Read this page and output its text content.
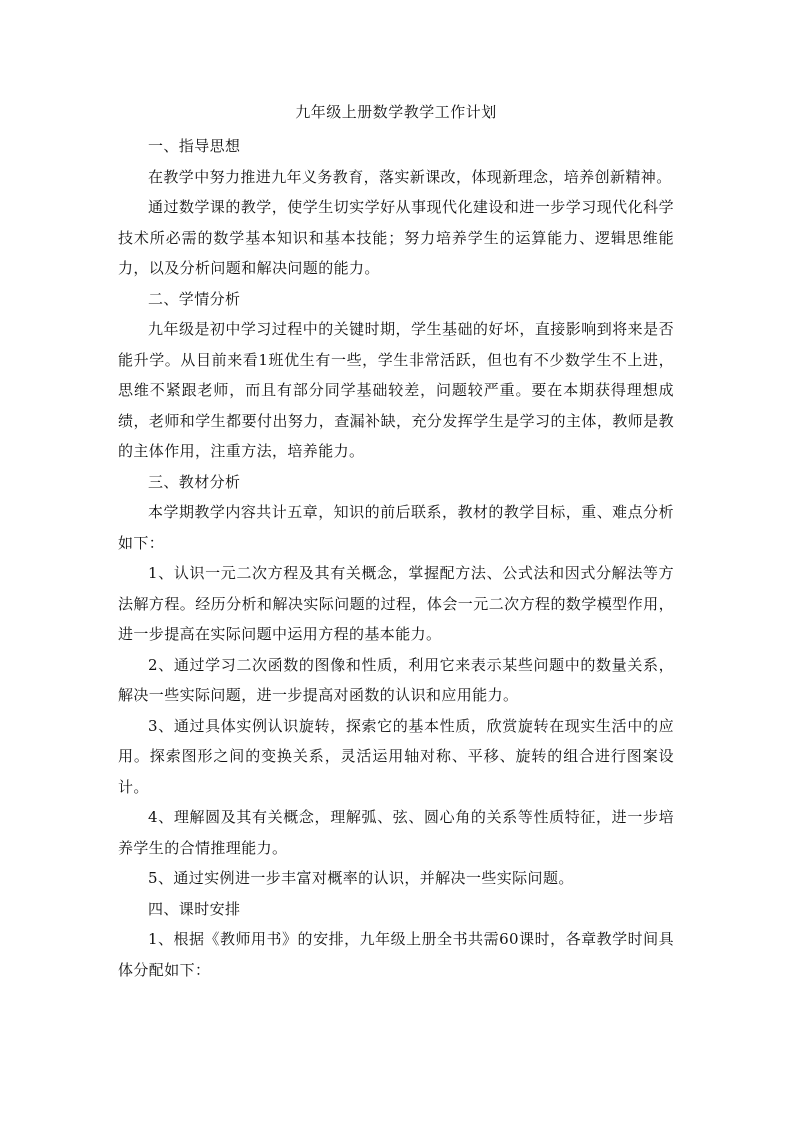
九年级上册数学教学工作计划

一、指导思想

在教学中努力推进九年义务教育，落实新课改，体现新理念，培养创新精神。

通过数学课的教学，使学生切实学好从事现代化建设和进一步学习现代化科学技术所必需的数学基本知识和基本技能；努力培养学生的运算能力、逻辑思维能力，以及分析问题和解决问题的能力。

二、学情分析

九年级是初中学习过程中的关键时期，学生基础的好坏，直接影响到将来是否能升学。从目前来看1班优生有一些，学生非常活跃，但也有不少数学生不上进，思维不紧跟老师，而且有部分同学基础较差，问题较严重。要在本期获得理想成绩，老师和学生都要付出努力，查漏补缺，充分发挥学生是学习的主体，教师是教的主体作用，注重方法，培养能力。

三、教材分析

本学期教学内容共计五章，知识的前后联系，教材的教学目标，重、难点分析如下：

1、认识一元二次方程及其有关概念，掌握配方法、公式法和因式分解法等方法解方程。经历分析和解决实际问题的过程，体会一元二次方程的数学模型作用，进一步提高在实际问题中运用方程的基本能力。

2、通过学习二次函数的图像和性质，利用它来表示某些问题中的数量关系，解决一些实际问题，进一步提高对函数的认识和应用能力。

3、通过具体实例认识旋转，探索它的基本性质，欣赏旋转在现实生活中的应用。探索图形之间的变换关系，灵活运用轴对称、平移、旋转的组合进行图案设计。

4、理解圆及其有关概念，理解弧、弦、圆心角的关系等性质特征，进一步培养学生的合情推理能力。

5、通过实例进一步丰富对概率的认识，并解决一些实际问题。

四、课时安排

1、根据《教师用书》的安排，九年级上册全书共需60课时，各章教学时间具体分配如下：
